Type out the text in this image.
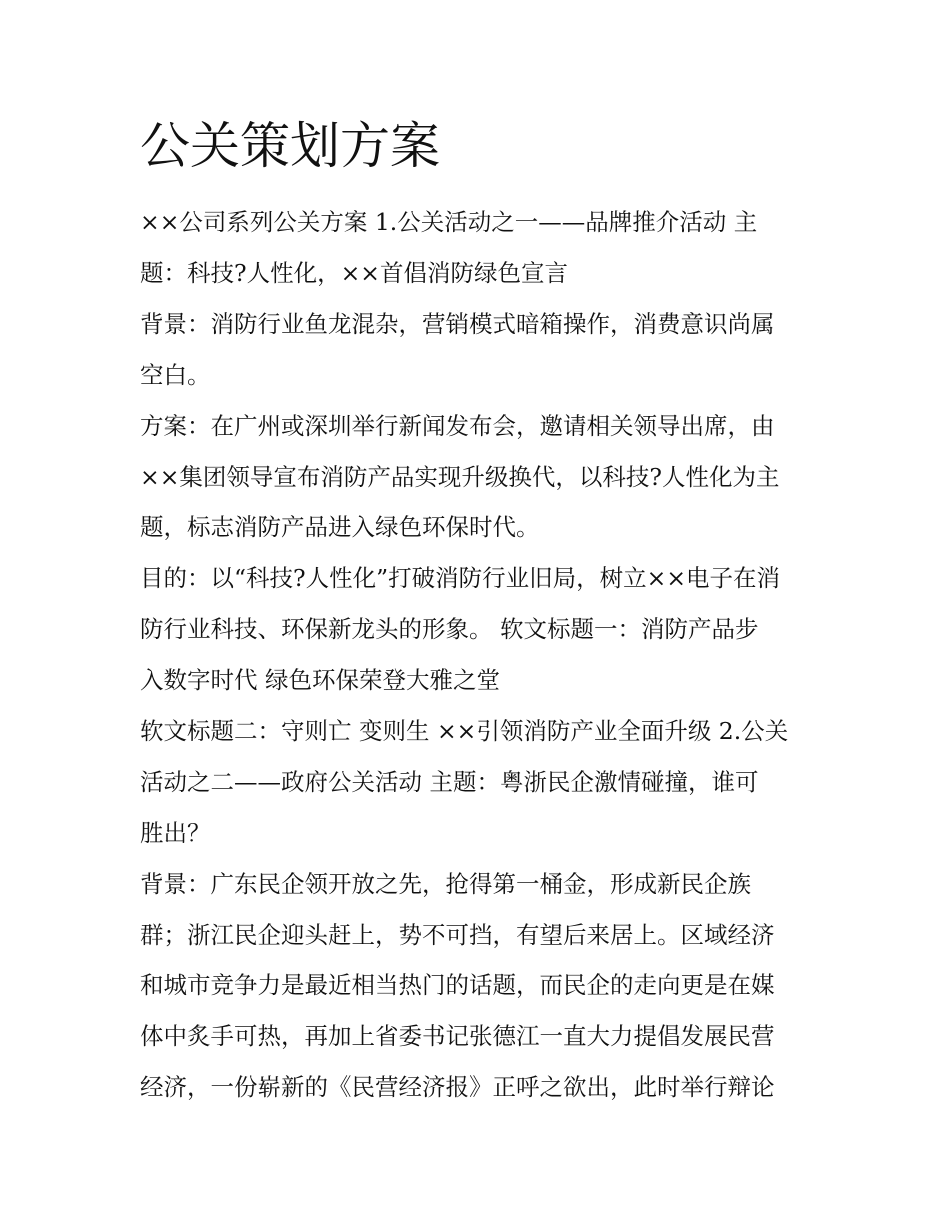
公关策划方案

××公司系列公关方案 1.公关活动之一——品牌推介活动 主

题：科技?人性化，××首倡消防绿色宣言

背景：消防行业鱼龙混杂，营销模式暗箱操作，消费意识尚属

空白。

方案：在广州或深圳举行新闻发布会，邀请相关领导出席，由

××集团领导宣布消防产品实现升级换代，以科技?人性化为主

题，标志消防产品进入绿色环保时代。

目的：以“科技?人性化”打破消防行业旧局，树立××电子在消

防行业科技、环保新龙头的形象。 软文标题一：消防产品步

入数字时代 绿色环保荣登大雅之堂

软文标题二：守则亡 变则生 ××引领消防产业全面升级 2.公关

活动之二——政府公关活动 主题：粤浙民企激情碰撞，谁可

胜出？

背景：广东民企领开放之先，抢得第一桶金，形成新民企族

群；浙江民企迎头赶上，势不可挡，有望后来居上。区域经济

和城市竞争力是最近相当热门的话题，而民企的走向更是在媒

体中炙手可热，再加上省委书记张德江一直大力提倡发展民营

经济，一份崭新的《民营经济报》正呼之欲出，此时举行辩论
